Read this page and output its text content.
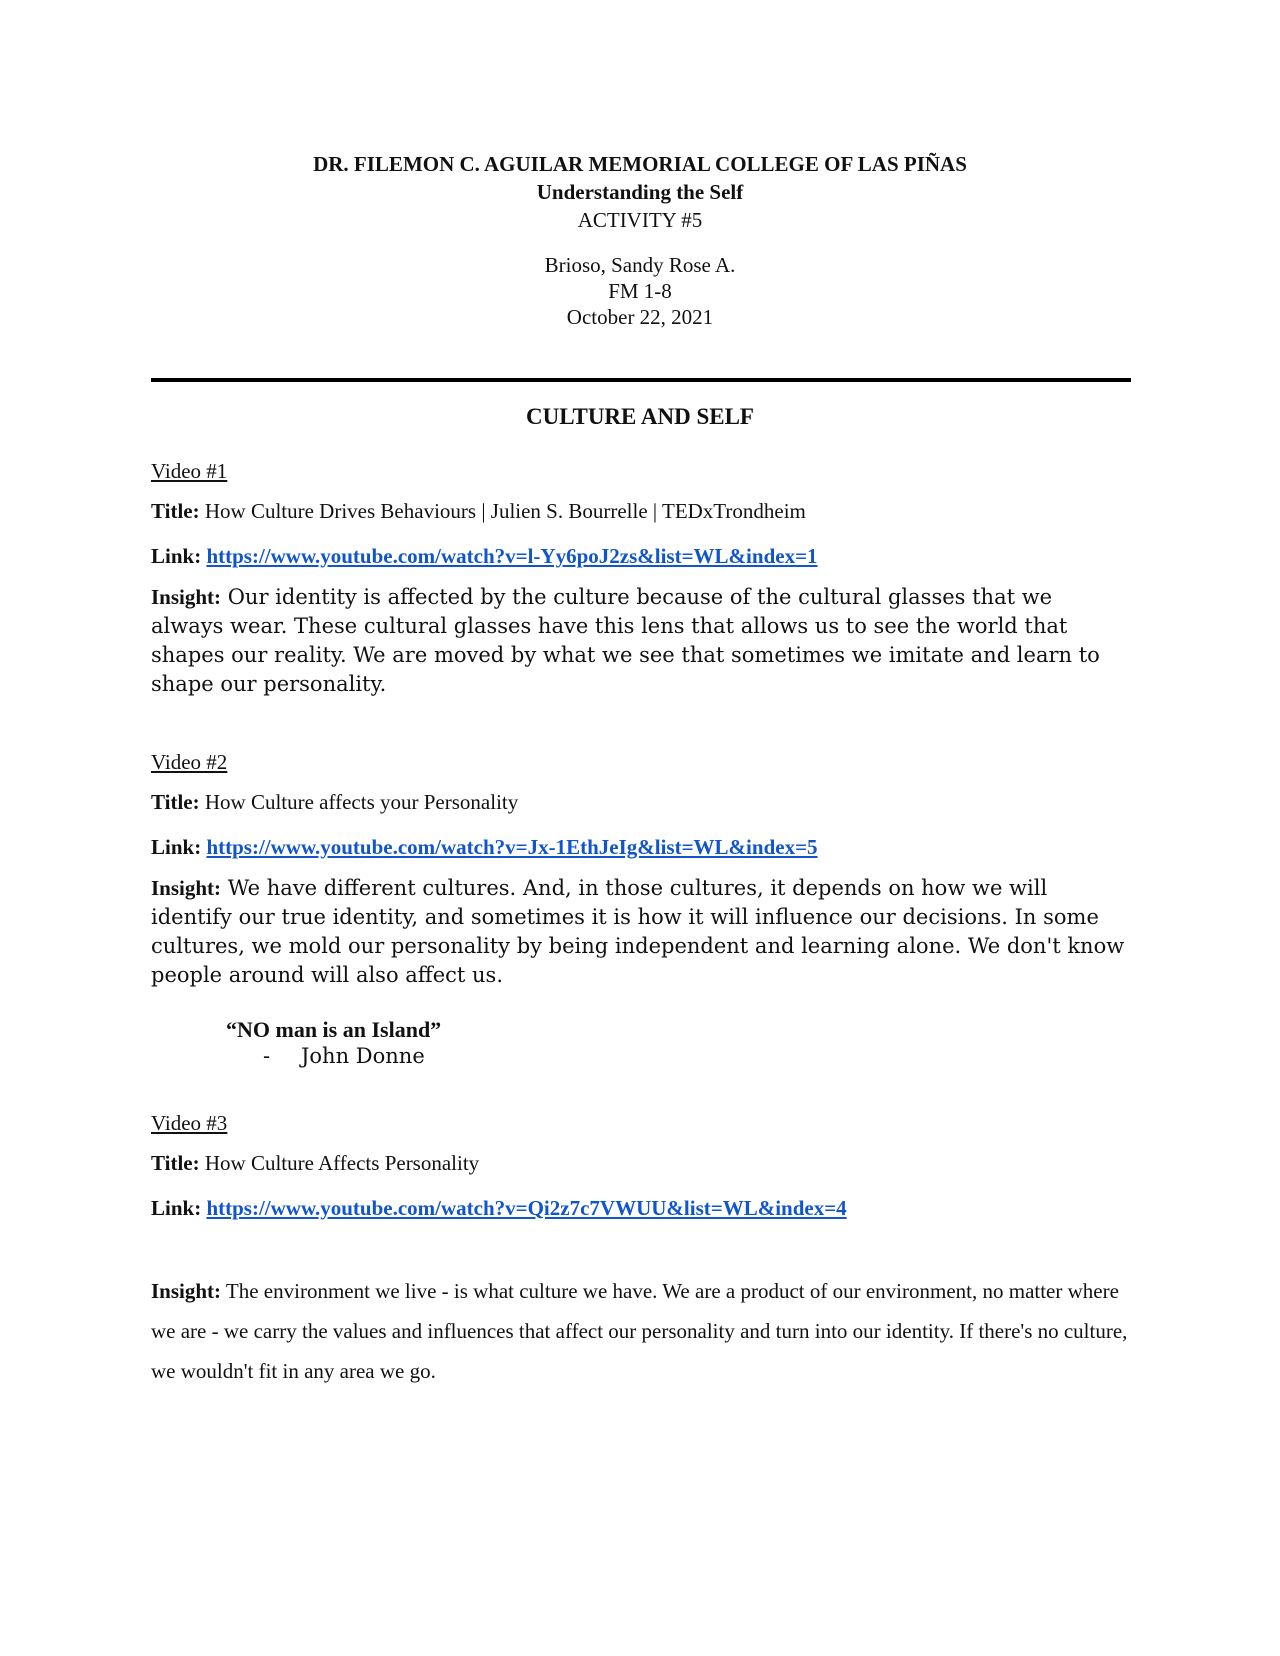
DR. FILEMON C. AGUILAR MEMORIAL COLLEGE OF LAS PIÑAS
Understanding the Self
ACTIVITY #5
Brioso, Sandy Rose A.
FM 1-8
October 22, 2021
CULTURE AND SELF
Video #1
Title: How Culture Drives Behaviours | Julien S. Bourrelle | TEDxTrondheim
Link: https://www.youtube.com/watch?v=l-Yy6poJ2zs&list=WL&index=1
Insight: Our identity is affected by the culture because of the cultural glasses that we always wear. These cultural glasses have this lens that allows us to see the world that shapes our reality. We are moved by what we see that sometimes we imitate and learn to shape our personality.
Video #2
Title: How Culture affects your Personality
Link: https://www.youtube.com/watch?v=Jx-1EthJeIg&list=WL&index=5
Insight: We have different cultures. And, in those cultures, it depends on how we will identify our true identity, and sometimes it is how it will influence our decisions. In some cultures, we mold our personality by being independent and learning alone. We don't know people around will also affect us.
“NO man is an Island”
- John Donne
Video #3
Title: How Culture Affects Personality
Link: https://www.youtube.com/watch?v=Qi2z7c7VWUU&list=WL&index=4
Insight: The environment we live - is what culture we have. We are a product of our environment, no matter where we are - we carry the values and influences that affect our personality and turn into our identity. If there's no culture, we wouldn't fit in any area we go.
